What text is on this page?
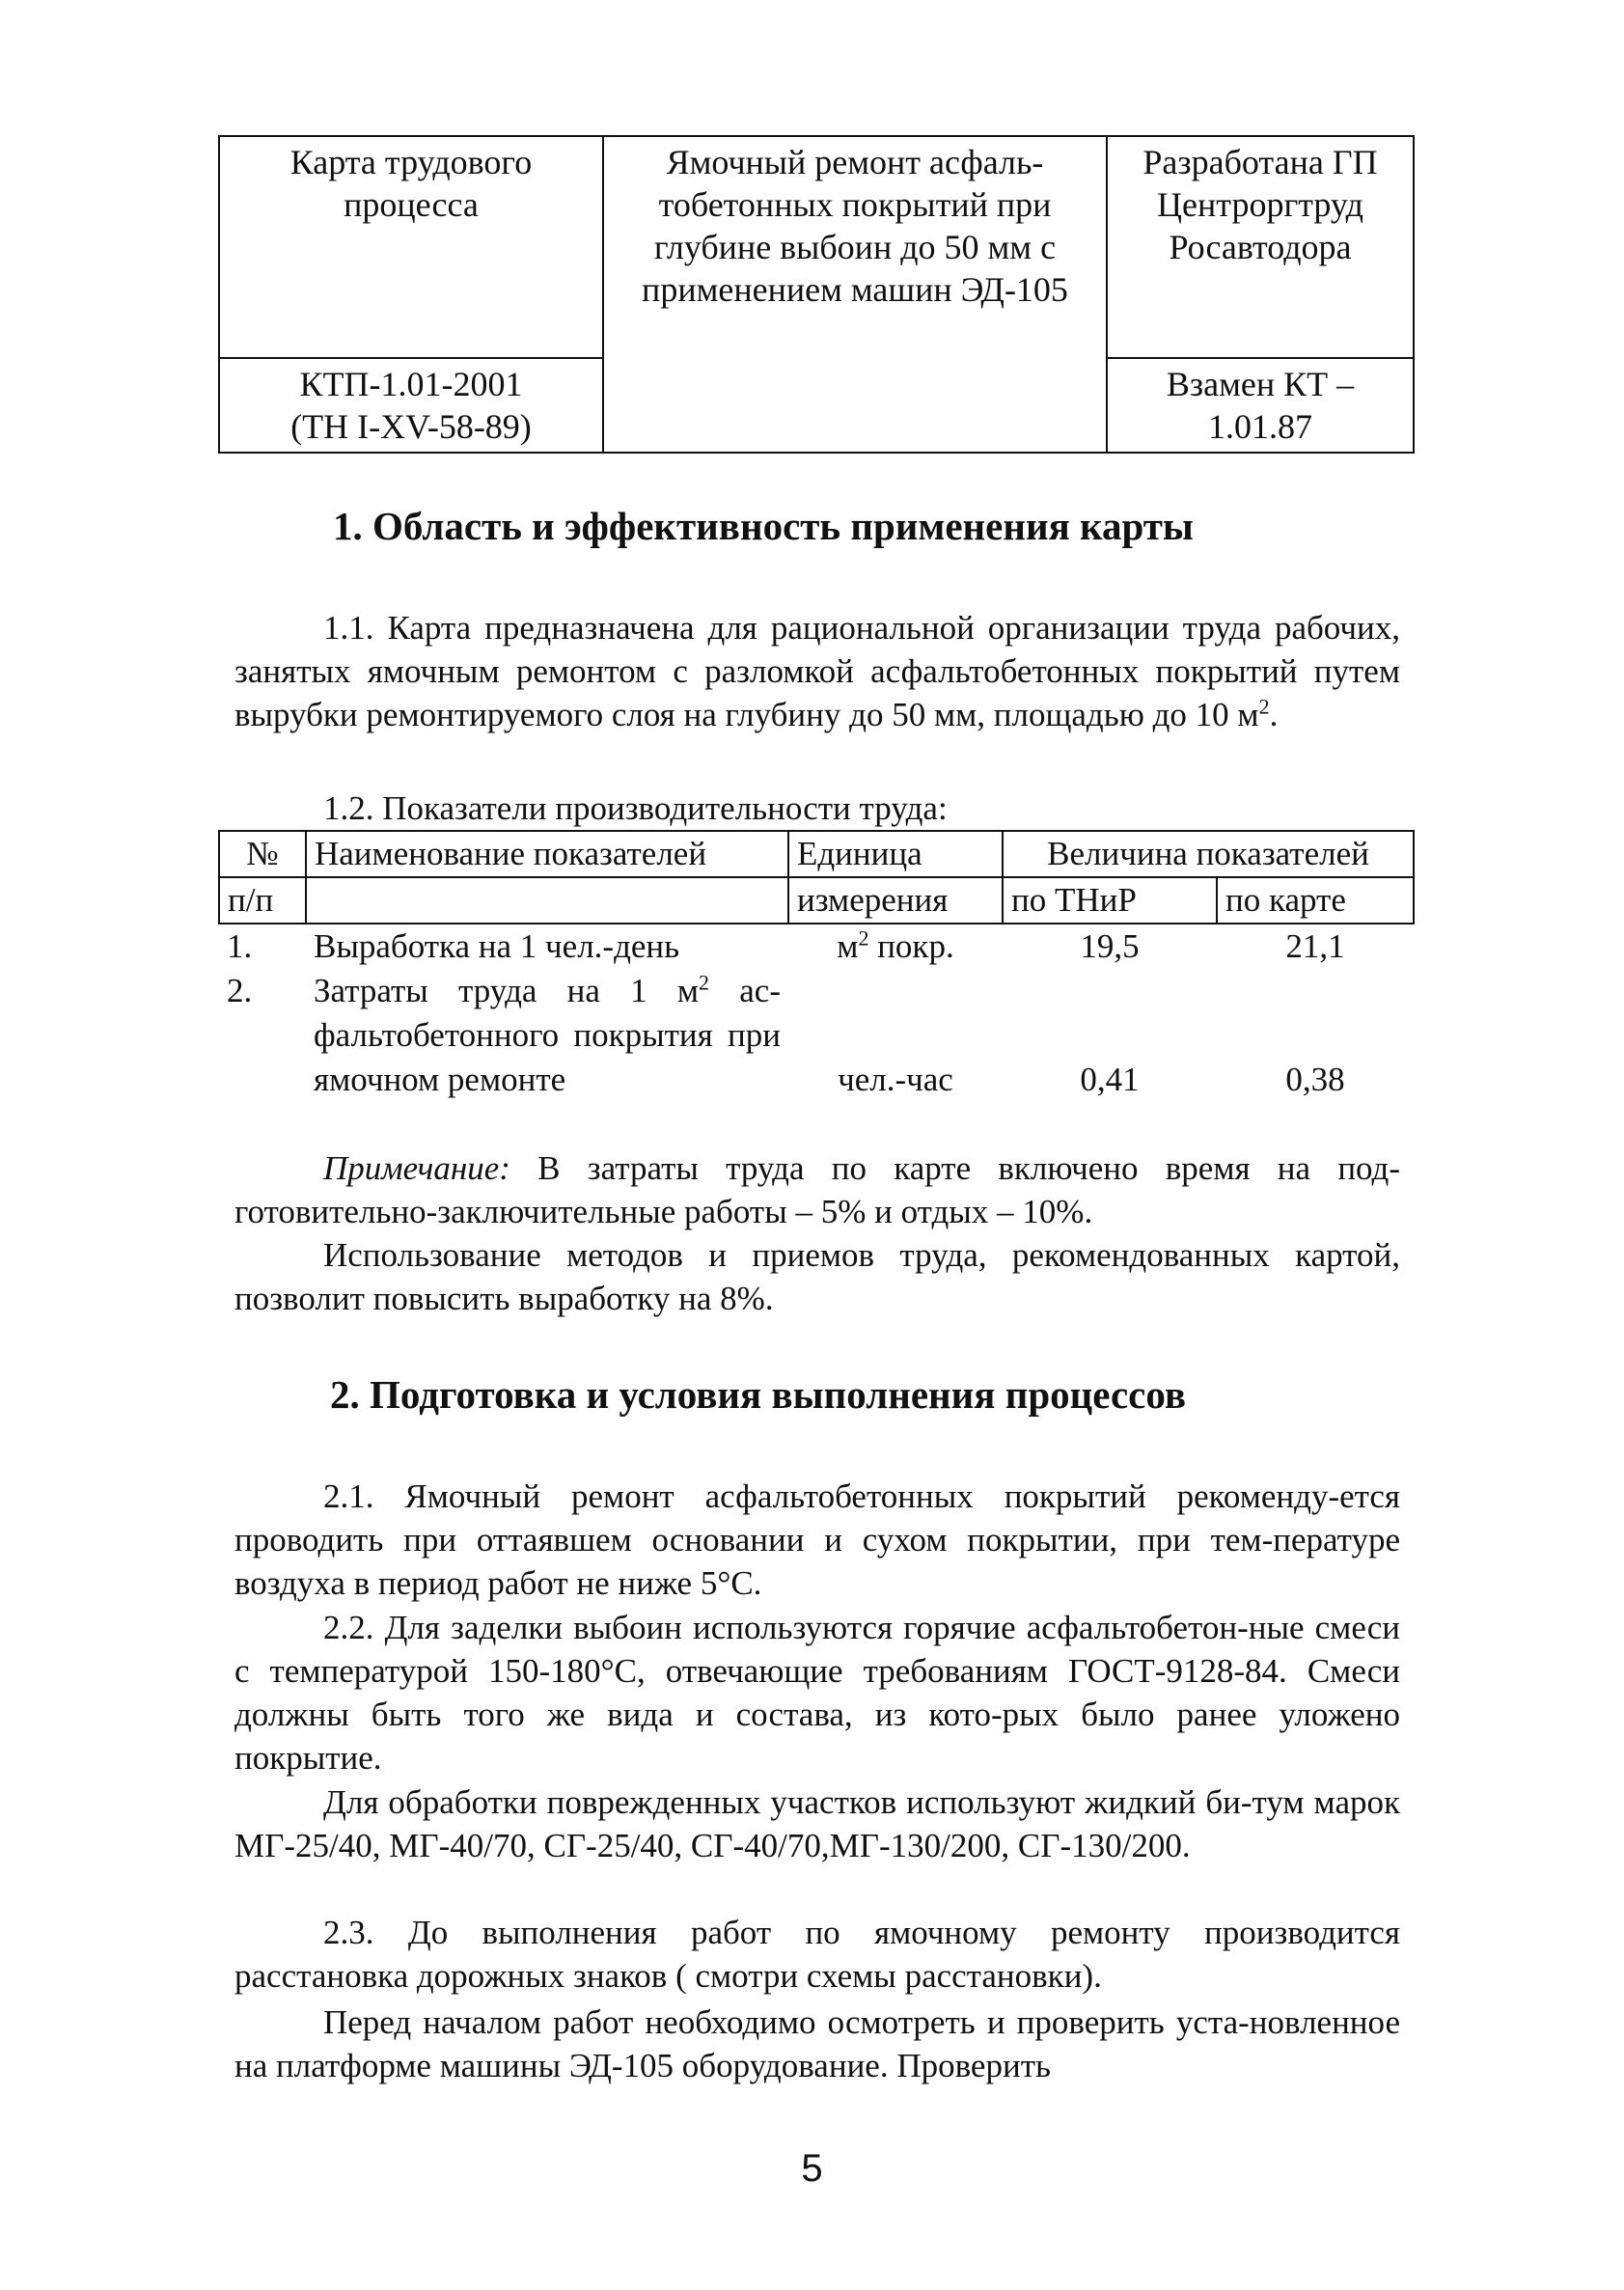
Карта трудового процесса	Ямочный ремонт асфаль-тобетонных покрытий при глубине выбоин до 50 мм с применением машин ЭД-105	Разработана ГП Центроргтруд Росавтодора
КТП-1.01-2001 (ТН I-XV-58-89)		Взамен КТ – 1.01.87
1. Область и эффективность применения карты

1.1. Карта предназначена для рациональной организации труда рабочих, занятых ямочным ремонтом с разломкой асфальтобетонных покрытий путем вырубки ремонтируемого слоя на глубину до 50 мм, площадью до 10 $м^2$.

1.2. Показатели производительности труда:

№	Наименование показателей	Единица	Величина показателей	
п/п		измерения	по ТНиР	по карте
1.	Выработка на 1 чел.-день	$м^2$ покр.	19,5	21,1
2.	Затраты труда на 1 $м^2$ ас-фальтобетонного покрытия при ямочном ремонте	чел.-час	0,41	0,38

Примечание: В затраты труда по карте включено время на под-готовительно-заключительные работы – 5% и отдых – 10%.

Использование методов и приемов труда, рекомендованных картой, позволит повысить выработку на 8%.

2. Подготовка и условия выполнения процессов

2.1. Ямочный ремонт асфальтобетонных покрытий рекоменду-ется проводить при оттаявшем основании и сухом покрытии, при тем-пературе воздуха в период работ не ниже 5°С.

2.2. Для заделки выбоин используются горячие асфальтобетон-ные смеси с температурой 150-180°С, отвечающие требованиям ГОСТ-9128-84. Смеси должны быть того же вида и состава, из кото-рых было ранее уложено покрытие.

Для обработки поврежденных участков используют жидкий би-тум марок МГ-25/40, МГ-40/70, СГ-25/40, СГ-40/70,МГ-130/200, СГ-130/200.

2.3. До выполнения работ по ямочному ремонту производится расстановка дорожных знаков ( смотри схемы расстановки).

Перед началом работ необходимо осмотреть и проверить уста-новленное на платформе машины ЭД-105 оборудование. Проверить

5
